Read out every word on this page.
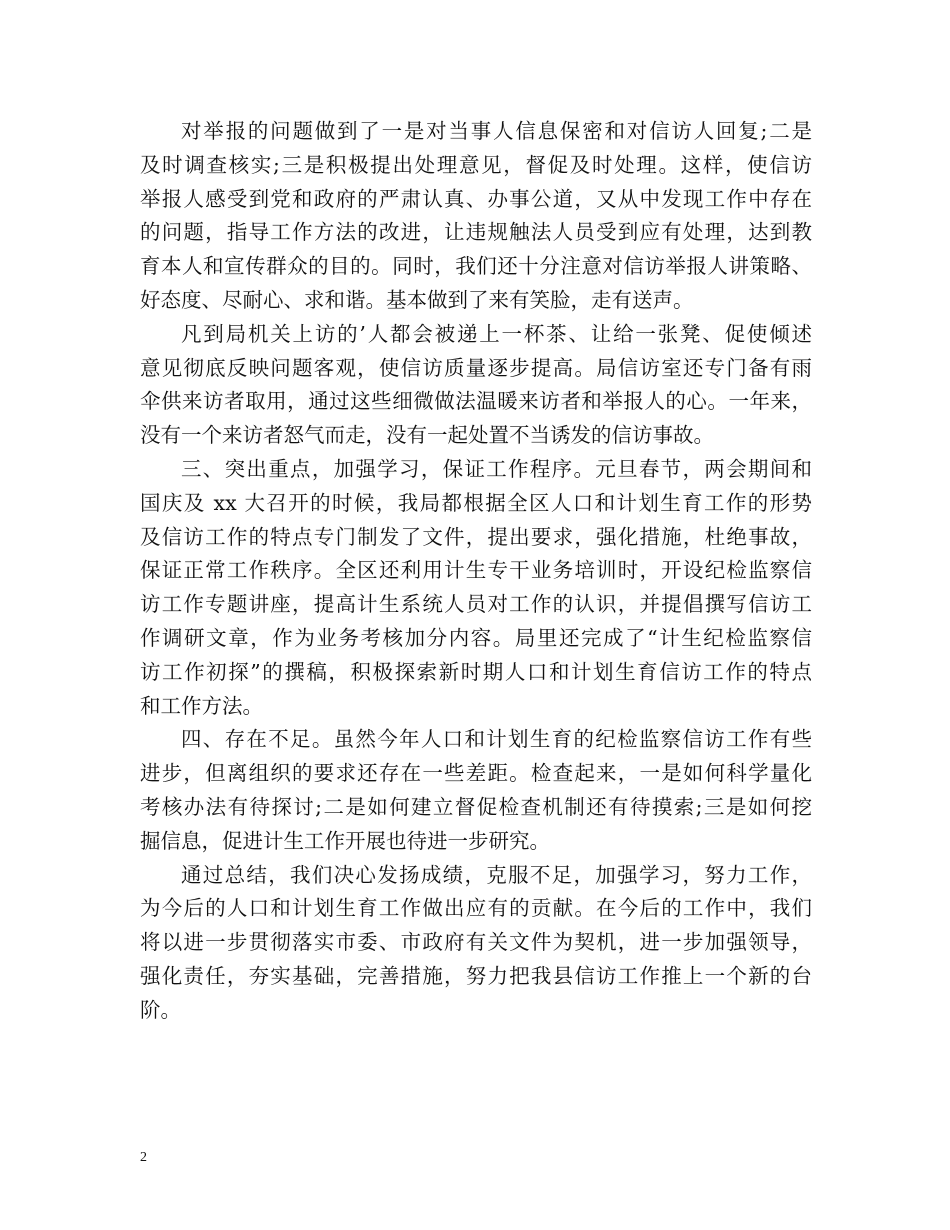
对举报的问题做到了一是对当事人信息保密和对信访人回复;二是
及时调查核实;三是积极提出处理意见，督促及时处理。这样，使信访
举报人感受到党和政府的严肃认真、办事公道，又从中发现工作中存在
的问题，指导工作方法的改进，让违规触法人员受到应有处理，达到教
育本人和宣传群众的目的。同时，我们还十分注意对信访举报人讲策略、
好态度、尽耐心、求和谐。基本做到了来有笑脸，走有送声。
凡到局机关上访的’人都会被递上一杯茶、让给一张凳、促使倾述
意见彻底反映问题客观，使信访质量逐步提高。局信访室还专门备有雨
伞供来访者取用，通过这些细微做法温暖来访者和举报人的心。一年来，
没有一个来访者怒气而走，没有一起处置不当诱发的信访事故。
三、突出重点，加强学习，保证工作程序。元旦春节，两会期间和
国庆及 xx 大召开的时候，我局都根据全区人口和计划生育工作的形势
及信访工作的特点专门制发了文件，提出要求，强化措施，杜绝事故，
保证正常工作秩序。全区还利用计生专干业务培训时，开设纪检监察信
访工作专题讲座，提高计生系统人员对工作的认识，并提倡撰写信访工
作调研文章，作为业务考核加分内容。局里还完成了“计生纪检监察信
访工作初探”的撰稿，积极探索新时期人口和计划生育信访工作的特点
和工作方法。
四、存在不足。虽然今年人口和计划生育的纪检监察信访工作有些
进步，但离组织的要求还存在一些差距。检查起来，一是如何科学量化
考核办法有待探讨;二是如何建立督促检查机制还有待摸索;三是如何挖
掘信息，促进计生工作开展也待进一步研究。
通过总结，我们决心发扬成绩，克服不足，加强学习，努力工作，
为今后的人口和计划生育工作做出应有的贡献。在今后的工作中，我们
将以进一步贯彻落实市委、市政府有关文件为契机，进一步加强领导，
强化责任，夯实基础，完善措施，努力把我县信访工作推上一个新的台
阶。
2
